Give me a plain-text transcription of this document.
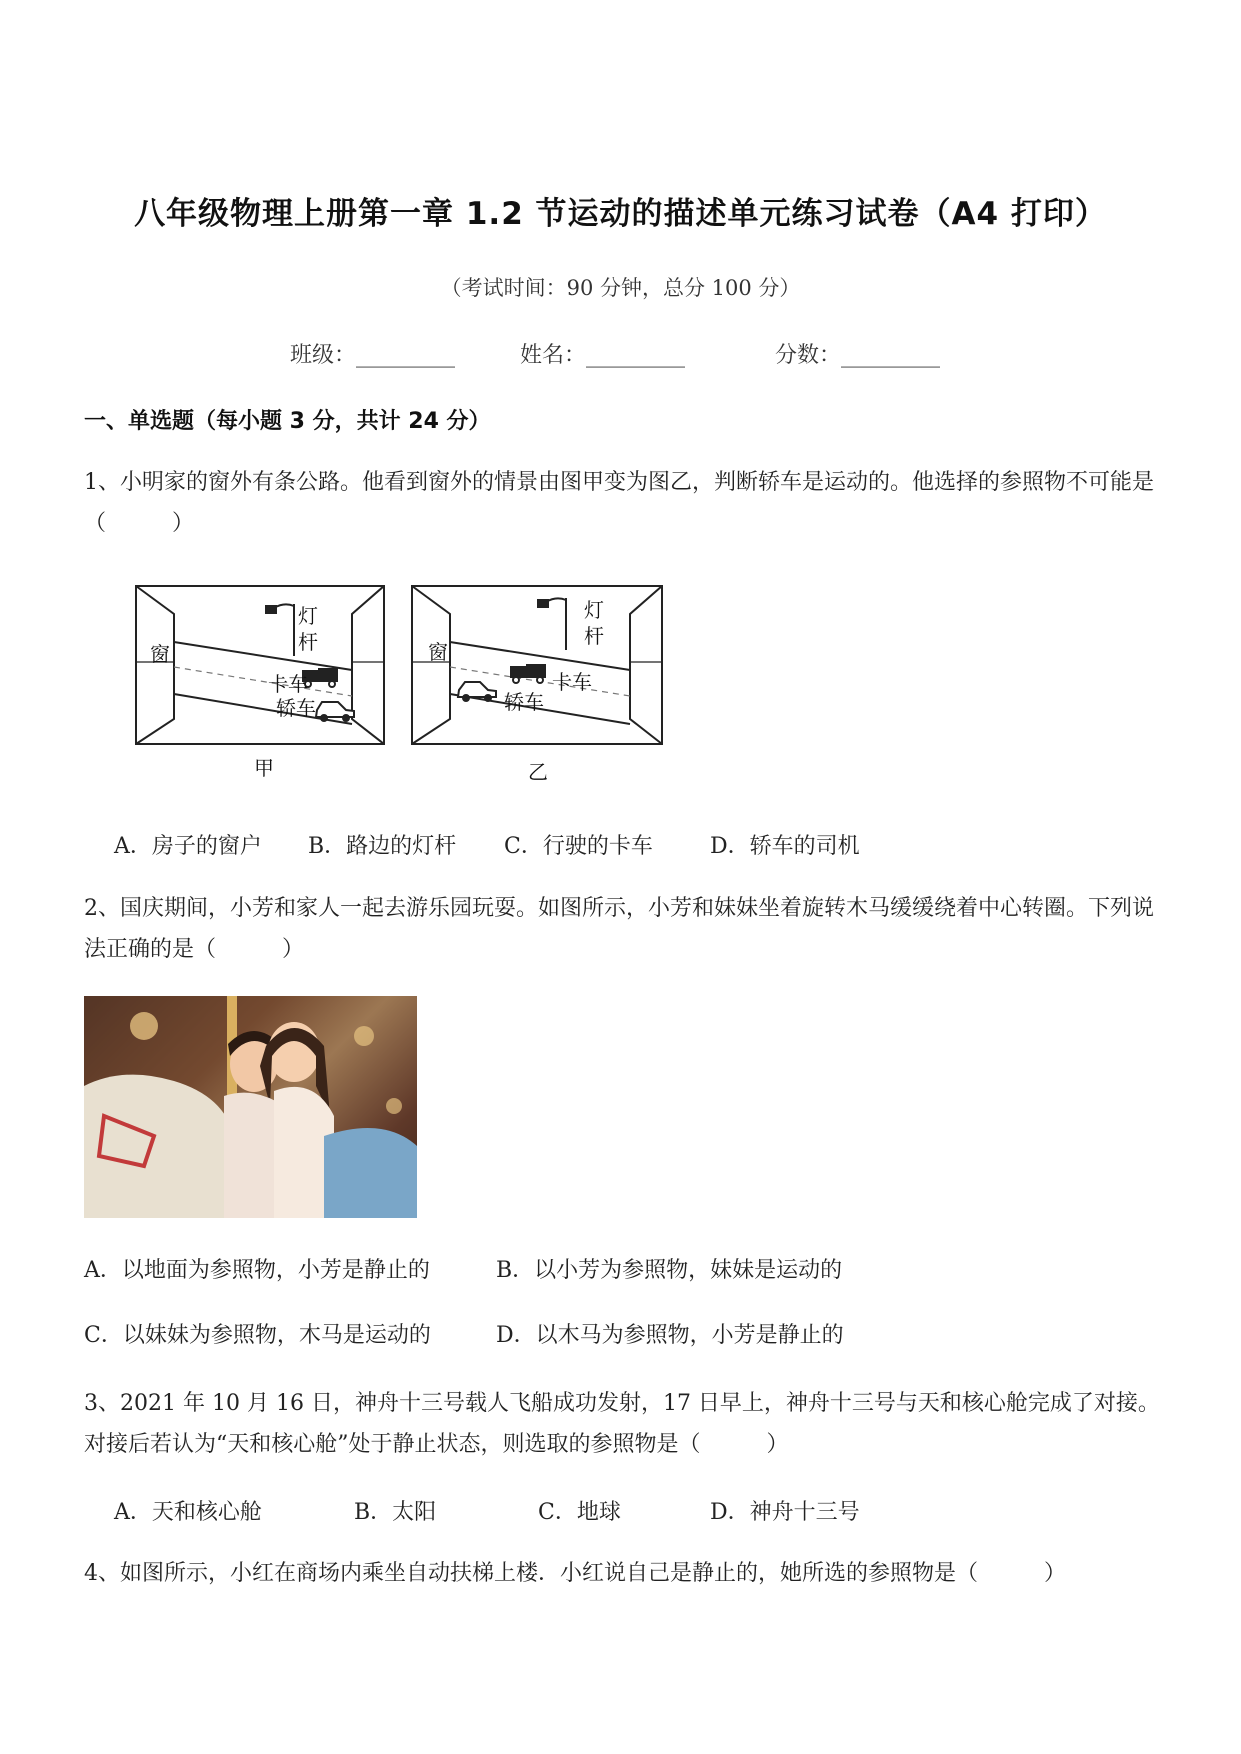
八年级物理上册第一章 1.2 节运动的描述单元练习试卷（A4 打印）
（考试时间：90 分钟，总分 100 分）
班级：_________	姓名：_________	分数：_________
一、单选题（每小题 3 分，共计 24 分）
1、小明家的窗外有条公路。他看到窗外的情景由图甲变为图乙，判断轿车是运动的。他选择的参照物不可能是（　　　）
窗	窗
灯
杆
灯
杆
卡车
轿车
卡车
轿车
甲	乙
A．房子的窗户 B．路边的灯杆 C．行驶的卡车	D．轿车的司机
2、国庆期间，小芳和家人一起去游乐园玩耍。如图所示，小芳和妹妹坐着旋转木马缓缓绕着中心转圈。下列说法正确的是（　　　）
A．以地面为参照物，小芳是静止的	B．以小芳为参照物，妹妹是运动的
C．以妹妹为参照物，木马是运动的	D．以木马为参照物，小芳是静止的
3、2021 年 10 月 16 日，神舟十三号载人飞船成功发射，17 日早上，神舟十三号与天和核心舱完成了对接。对接后若认为“天和核心舱”处于静止状态，则选取的参照物是（　　　）
A．天和核心舱	B．太阳	C．地球	D．神舟十三号
4、如图所示，小红在商场内乘坐自动扶梯上楼．小红说自己是静止的，她所选的参照物是（　　　）
